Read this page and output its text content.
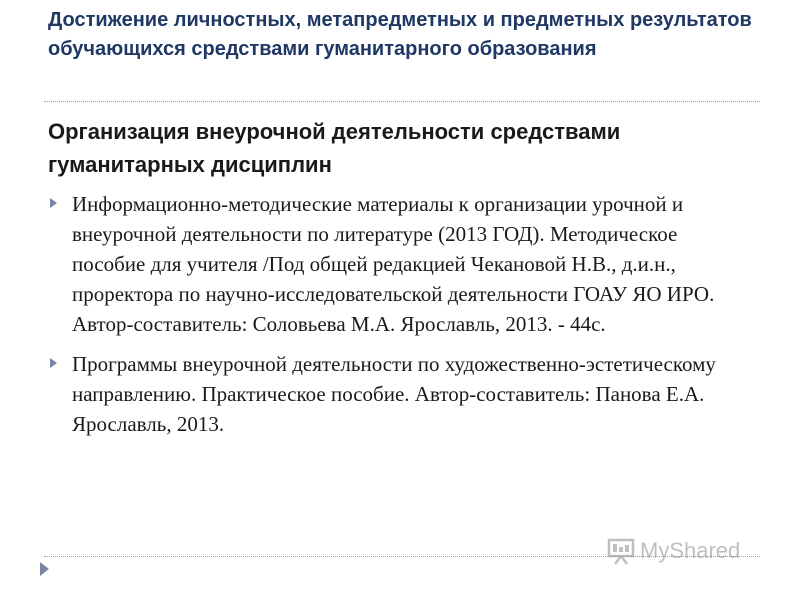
Достижение личностных, метапредметных и предметных результатов обучающихся средствами гуманитарного образования
Организация внеурочной деятельности средствами гуманитарных дисциплин
Информационно-методические материалы к организации урочной и внеурочной деятельности по литературе (2013 ГОД). Методическое пособие для учителя /Под общей редакцией Чекановой Н.В., д.и.н., проректора по научно-исследовательской деятельности ГОАУ ЯО ИРО. Автор-составитель: Соловьева М.А. Ярославль, 2013. - 44с.
Программы внеурочной деятельности по художественно-эстетическому направлению. Практическое пособие. Автор-составитель: Панова Е.А. Ярославль, 2013.
MyShared
